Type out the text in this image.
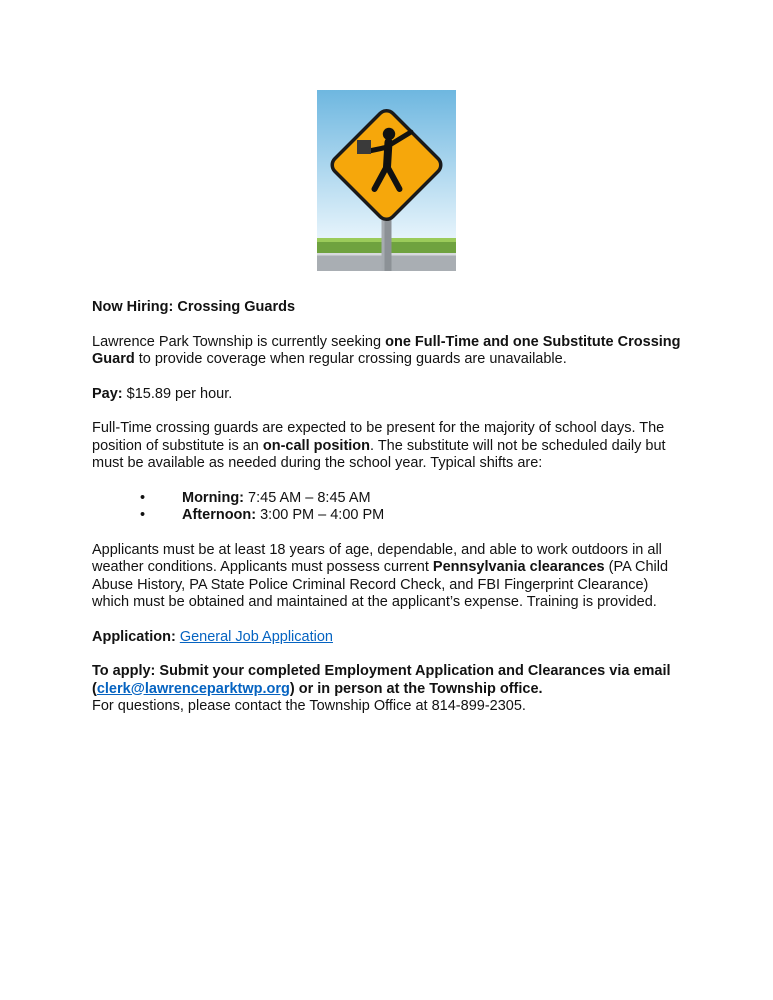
Now Hiring: Crossing Guards
Lawrence Park Township is currently seeking one Full-Time and one Substitute Crossing Guard to provide coverage when regular crossing guards are unavailable.
Pay: $15.89 per hour.
Full-Time crossing guards are expected to be present for the majority of school days. The position of substitute is an on-call position. The substitute will not be scheduled daily but must be available as needed during the school year. Typical shifts are:
•	Morning: 7:45 AM – 8:45 AM
•	Afternoon: 3:00 PM – 4:00 PM
Applicants must be at least 18 years of age, dependable, and able to work outdoors in all weather conditions. Applicants must possess current Pennsylvania clearances (PA Child Abuse History, PA State Police Criminal Record Check, and FBI Fingerprint Clearance) which must be obtained and maintained at the applicant’s expense. Training is provided.
Application: General Job Application
To apply: Submit your completed Employment Application and Clearances via email (clerk@lawrenceparktwp.org) or in person at the Township office.
For questions, please contact the Township Office at 814-899-2305.
